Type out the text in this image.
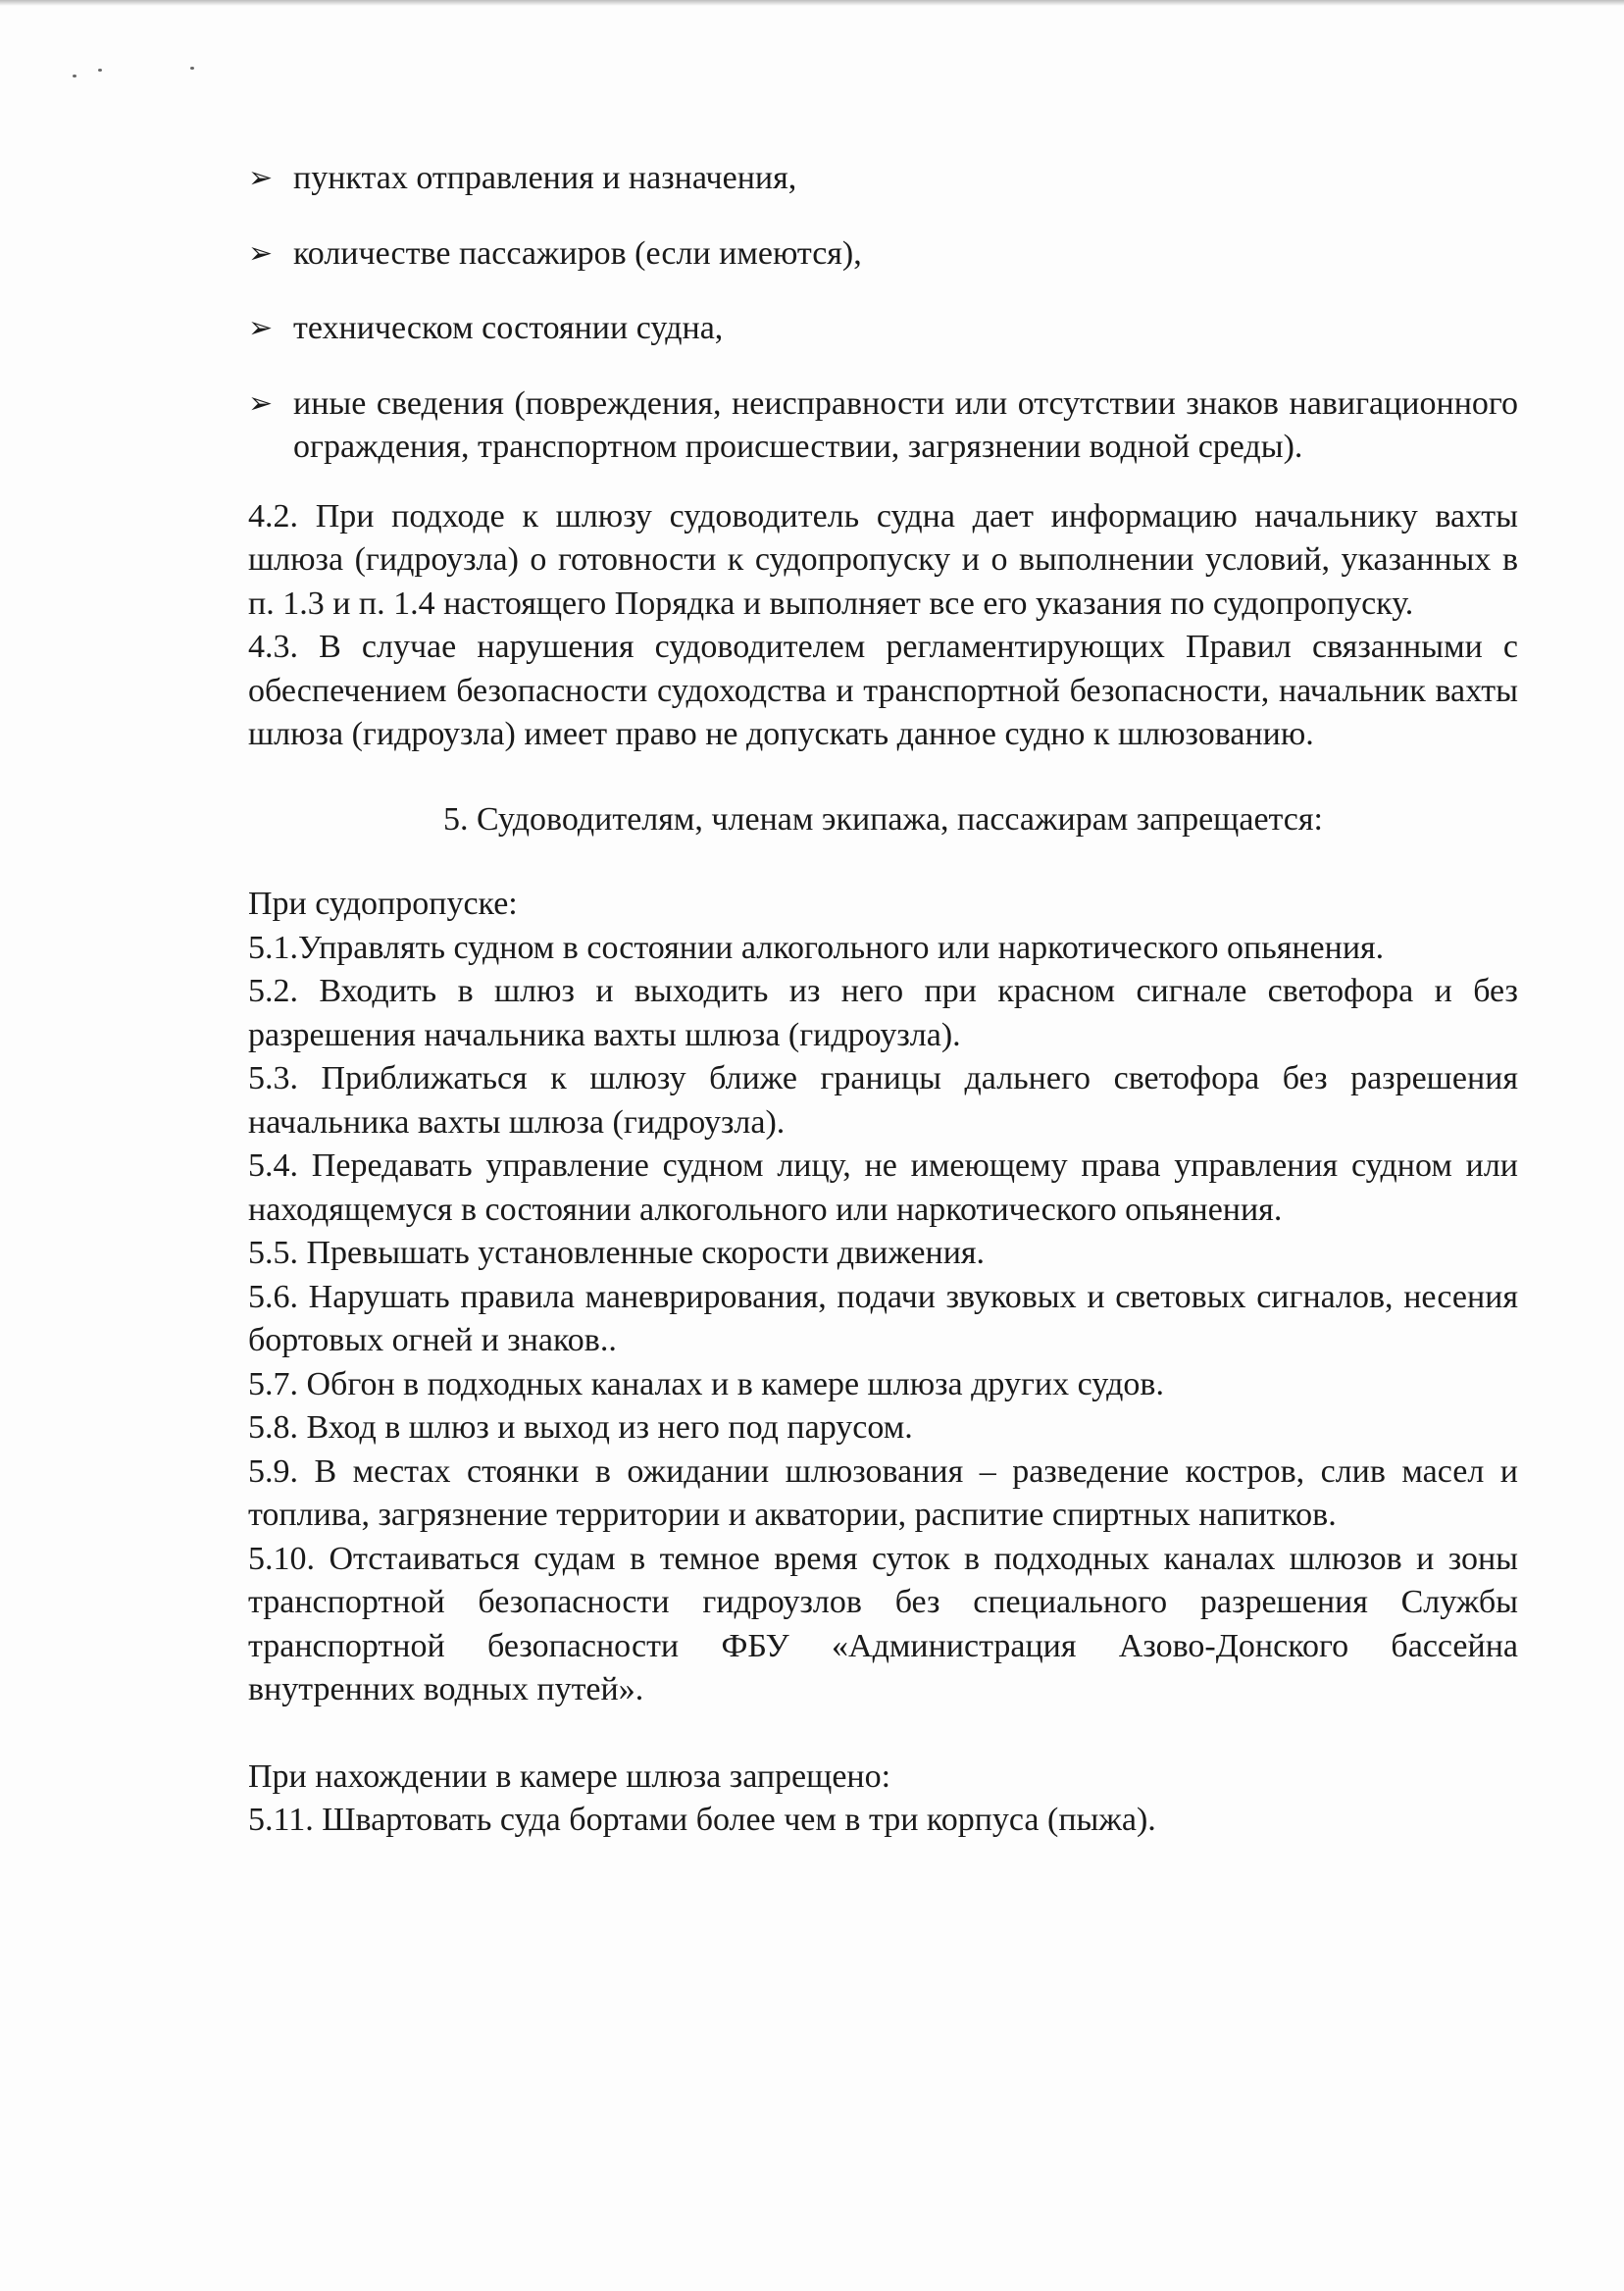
➢ пунктах отправления и назначения,
➢ количестве пассажиров (если имеются),
➢ техническом состоянии судна,
➢ иные сведения (повреждения, неисправности или отсутствии знаков навигационного ограждения, транспортном происшествии, загрязнении водной среды).

4.2. При подходе к шлюзу судоводитель судна дает информацию начальнику вахты шлюза (гидроузла) о готовности к судопропуску и о выполнении условий, указанных в п. 1.3 и п. 1.4 настоящего Порядка и выполняет все его указания по судопропуску.

4.3. В случае нарушения судоводителем регламентирующих Правил связанными с обеспечением безопасности судоходства и транспортной безопасности, начальник вахты шлюза (гидроузла) имеет право не допускать данное судно к шлюзованию.

5. Судоводителям, членам экипажа, пассажирам запрещается:

При судопропуске:

5.1.Управлять судном в состоянии алкогольного или наркотического опьянения.

5.2. Входить в шлюз и выходить из него при красном сигнале светофора и без разрешения начальника вахты шлюза (гидроузла).

5.3. Приближаться к шлюзу ближе границы дальнего светофора без разрешения начальника вахты шлюза (гидроузла).

5.4. Передавать управление судном лицу, не имеющему права управления судном или находящемуся в состоянии алкогольного или наркотического опьянения.

5.5. Превышать установленные скорости движения.

5.6. Нарушать правила маневрирования, подачи звуковых и световых сигналов, несения бортовых огней и знаков..

5.7. Обгон в подходных каналах и в камере шлюза других судов.

5.8. Вход в шлюз и выход из него под парусом.

5.9. В местах стоянки в ожидании шлюзования – разведение костров, слив масел и топлива, загрязнение территории и акватории, распитие спиртных напитков.

5.10. Отстаиваться судам в темное время суток в подходных каналах шлюзов и зоны транспортной безопасности гидроузлов без специального разрешения Службы транспортной безопасности ФБУ «Администрация Азово-Донского бассейна внутренних водных путей».

При нахождении в камере шлюза запрещено:

5.11. Швартовать суда бортами более чем в три корпуса (пыжа).
